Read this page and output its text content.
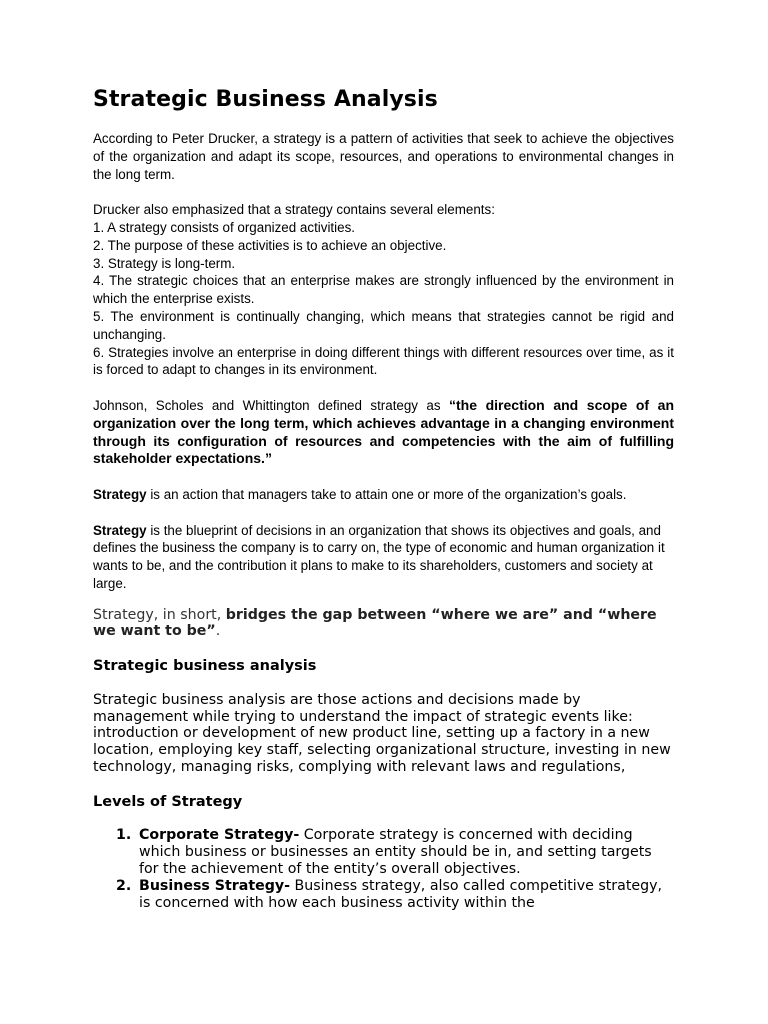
Strategic Business Analysis

According to Peter Drucker, a strategy is a pattern of activities that seek to achieve the objectives of the organization and adapt its scope, resources, and operations to environmental changes in the long term.

Drucker also emphasized that a strategy contains several elements:

1. A strategy consists of organized activities.

2. The purpose of these activities is to achieve an objective.

3. Strategy is long-term.

4. The strategic choices that an enterprise makes are strongly influenced by the environment in which the enterprise exists.

5. The environment is continually changing, which means that strategies cannot be rigid and unchanging.

6. Strategies involve an enterprise in doing different things with different resources over time, as it is forced to adapt to changes in its environment.

Johnson, Scholes and Whittington defined strategy as “the direction and scope of an organization over the long term, which achieves advantage in a changing environment through its configuration of resources and competencies with the aim of fulfilling stakeholder expectations.”

Strategy is an action that managers take to attain one or more of the organization’s goals.

Strategy is the blueprint of decisions in an organization that shows its objectives and goals, and defines the business the company is to carry on, the type of economic and human organization it wants to be, and the contribution it plans to make to its shareholders, customers and society at large.

Strategy, in short, bridges the gap between “where we are” and “where we want to be”.

Strategic business analysis

Strategic business analysis are those actions and decisions made by management while trying to understand the impact of strategic events like: introduction or development of new product line, setting up a factory in a new location, employing key staff, selecting organizational structure, investing in new technology, managing risks, complying with relevant laws and regulations,

Levels of Strategy
1. Corporate Strategy- Corporate strategy is concerned with deciding which business or businesses an entity should be in, and setting targets for the achievement of the entity’s overall objectives.
2. Business Strategy- Business strategy, also called competitive strategy, is concerned with how each business activity within the
